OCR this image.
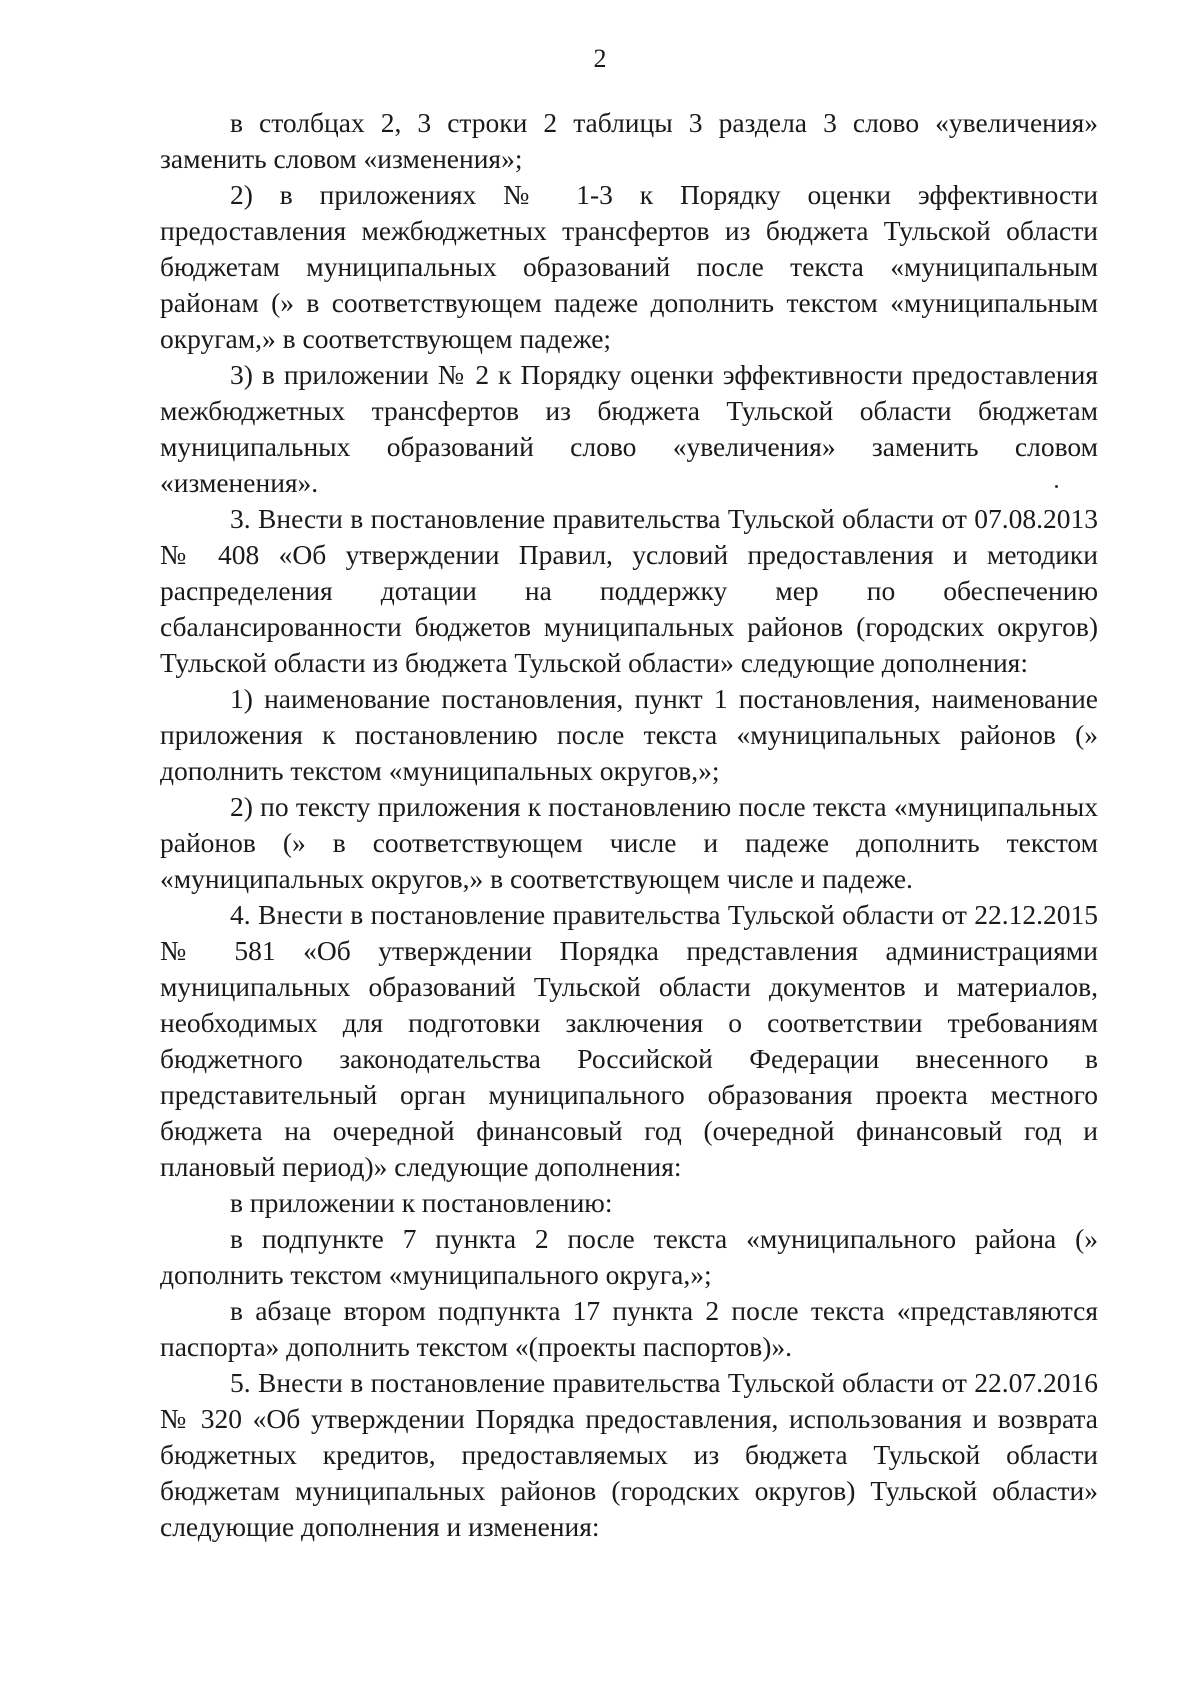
2

в столбцах 2, 3 строки 2 таблицы 3 раздела 3 слово «увеличения» заменить словом «изменения»;

2) в приложениях № 1-3 к Порядку оценки эффективности предоставления межбюджетных трансфертов из бюджета Тульской области бюджетам муниципальных образований после текста «муниципальным районам (» в соответствующем падеже дополнить текстом «муниципальным округам,» в соответствующем падеже;

3) в приложении № 2 к Порядку оценки эффективности предоставления межбюджетных трансфертов из бюджета Тульской области бюджетам муниципальных образований слово «увеличения» заменить словом «изменения».

3. Внести в постановление правительства Тульской области от 07.08.2013 № 408 «Об утверждении Правил, условий предоставления и методики распределения дотации на поддержку мер по обеспечению сбалансированности бюджетов муниципальных районов (городских округов) Тульской области из бюджета Тульской области» следующие дополнения:

1) наименование постановления, пункт 1 постановления, наименование приложения к постановлению после текста «муниципальных районов (» дополнить текстом «муниципальных округов,»;

2) по тексту приложения к постановлению после текста «муниципальных районов (» в соответствующем числе и падеже дополнить текстом «муниципальных округов,» в соответствующем числе и падеже.

4. Внести в постановление правительства Тульской области от 22.12.2015 № 581 «Об утверждении Порядка представления администрациями муниципальных образований Тульской области документов и материалов, необходимых для подготовки заключения о соответствии требованиям бюджетного законодательства Российской Федерации внесенного в представительный орган муниципального образования проекта местного бюджета на очередной финансовый год (очередной финансовый год и плановый период)» следующие дополнения:

в приложении к постановлению:

в подпункте 7 пункта 2 после текста «муниципального района (» дополнить текстом «муниципального округа,»;

в абзаце втором подпункта 17 пункта 2 после текста «представляются паспорта» дополнить текстом «(проекты паспортов)».

5. Внести в постановление правительства Тульской области от 22.07.2016 № 320 «Об утверждении Порядка предоставления, использования и возврата бюджетных кредитов, предоставляемых из бюджета Тульской области бюджетам муниципальных районов (городских округов) Тульской области» следующие дополнения и изменения:
